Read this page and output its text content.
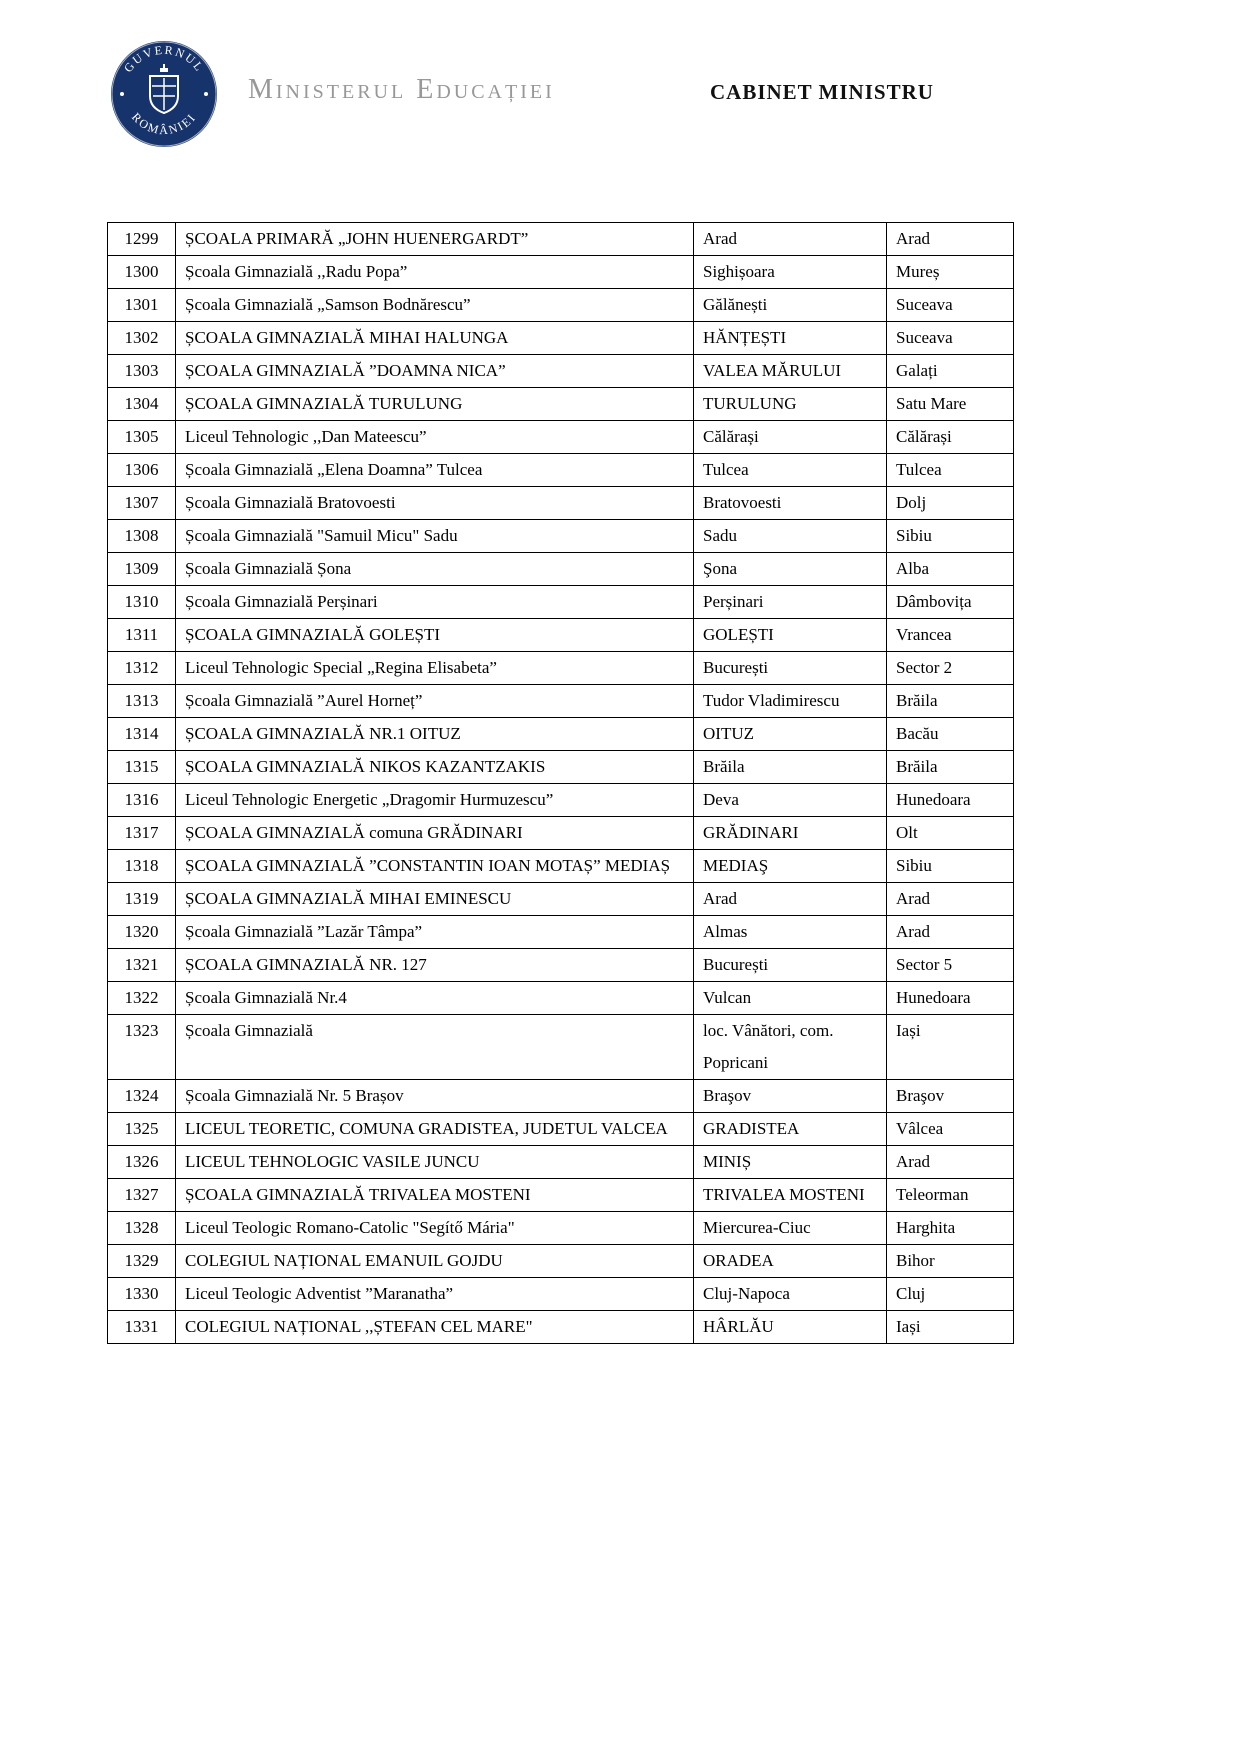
GUVERNUL
ROMÂNIEI
Ministerul Educației	CABINET MINISTRU
1299	ȘCOALA PRIMARĂ „JOHN HUENERGARDT”	Arad	Arad
1300	Școala Gimnazială ,,Radu Popa”	Sighișoara	Mureș
1301	Școala Gimnazială „Samson Bodnărescu”	Gălănești	Suceava
1302	ȘCOALA GIMNAZIALĂ MIHAI HALUNGA	HĂNȚEȘTI	Suceava
1303	ȘCOALA GIMNAZIALĂ ”DOAMNA NICA”	VALEA MĂRULUI	Galați
1304	ȘCOALA GIMNAZIALĂ TURULUNG	TURULUNG	Satu Mare
1305	Liceul Tehnologic ,,Dan Mateescu”	Călărași	Călărași
1306	Școala Gimnazială „Elena Doamna” Tulcea	Tulcea	Tulcea
1307	Școala Gimnazială Bratovoesti	Bratovoesti	Dolj
1308	Școala Gimnazială "Samuil Micu" Sadu	Sadu	Sibiu
1309	Școala Gimnazială Șona	Şona	Alba
1310	Școala Gimnazială Perșinari	Perșinari	Dâmbovița
1311	ȘCOALA GIMNAZIALĂ GOLEȘTI	GOLEȘTI	Vrancea
1312	Liceul Tehnologic Special „Regina Elisabeta”	București	Sector 2
1313	Școala Gimnazială ”Aurel Horneț”	Tudor Vladimirescu	Brăila
1314	ȘCOALA GIMNAZIALĂ NR.1 OITUZ	OITUZ	Bacău
1315	ȘCOALA GIMNAZIALĂ NIKOS KAZANTZAKIS	Brăila	Brăila
1316	Liceul Tehnologic Energetic „Dragomir Hurmuzescu”	Deva	Hunedoara
1317	ȘCOALA GIMNAZIALĂ comuna GRĂDINARI	GRĂDINARI	Olt
1318	ȘCOALA GIMNAZIALĂ ”CONSTANTIN IOAN MOTAȘ” MEDIAȘ	MEDIAŞ	Sibiu
1319	ȘCOALA GIMNAZIALĂ MIHAI EMINESCU	Arad	Arad
1320	Școala Gimnazială ”Lazăr Tâmpa”	Almas	Arad
1321	ȘCOALA GIMNAZIALĂ NR. 127	București	Sector 5
1322	Școala Gimnazială Nr.4	Vulcan	Hunedoara
1323	Școala Gimnazială	loc. Vânători, com. Popricani	Iași
1324	Școala Gimnazială Nr. 5 Brașov	Braşov	Braşov
1325	LICEUL TEORETIC, COMUNA GRADISTEA, JUDETUL VALCEA	GRADISTEA	Vâlcea
1326	LICEUL TEHNOLOGIC VASILE JUNCU	MINIȘ	Arad
1327	ȘCOALA GIMNAZIALĂ TRIVALEA MOSTENI	TRIVALEA MOSTENI	Teleorman
1328	Liceul Teologic Romano-Catolic "Segítő Mária"	Miercurea-Ciuc	Harghita
1329	COLEGIUL NAȚIONAL EMANUIL GOJDU	ORADEA	Bihor
1330	Liceul Teologic Adventist ”Maranatha”	Cluj-Napoca	Cluj
1331	COLEGIUL NAȚIONAL ,,ȘTEFAN CEL MARE"	HÂRLĂU	Iași
